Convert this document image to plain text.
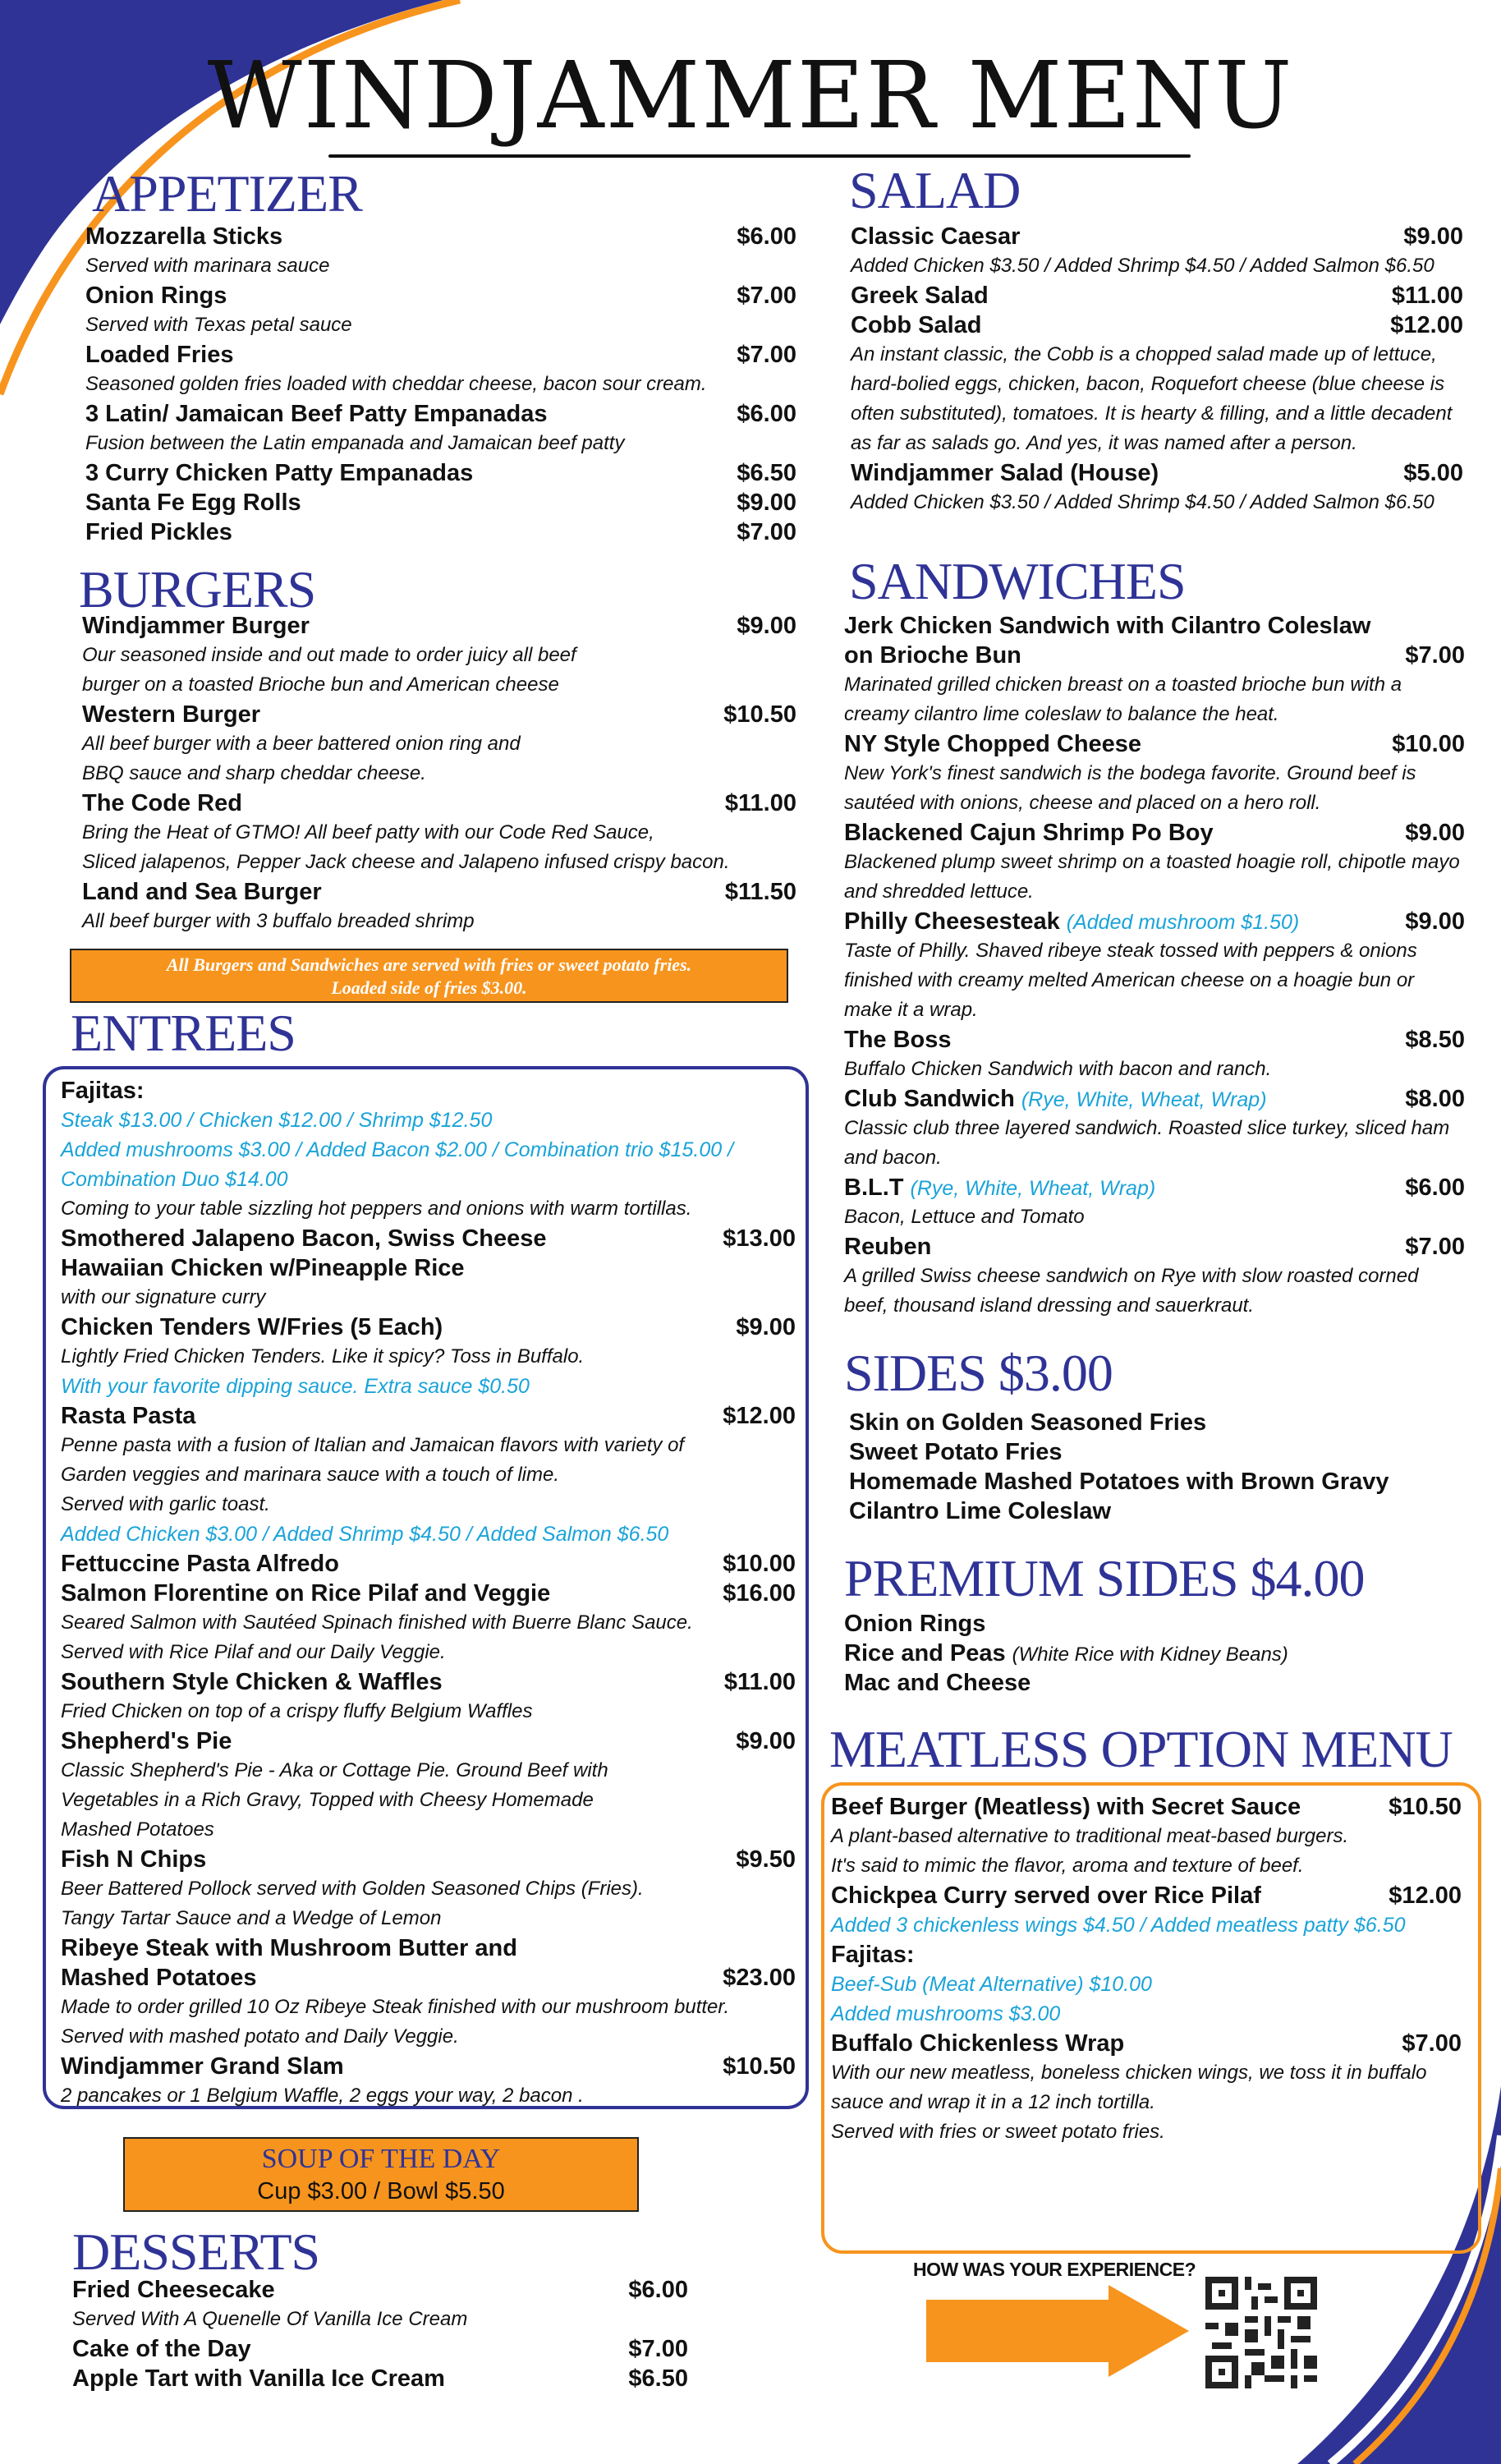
WINDJAMMER MENU
APPETIZER
Mozzarella Sticks	$6.00
Served with marinara sauce
Onion Rings	$7.00
Served with Texas petal sauce
Loaded Fries	$7.00
Seasoned golden fries loaded with cheddar cheese, bacon sour cream.
3 Latin/ Jamaican Beef Patty Empanadas	$6.00
Fusion between the Latin empanada and Jamaican beef patty
3 Curry Chicken Patty Empanadas	$6.50
Santa Fe Egg Rolls	$9.00
Fried Pickles	$7.00
BURGERS
Windjammer Burger	$9.00
Our seasoned inside and out made to order juicy all beef
burger on a toasted Brioche bun and American cheese
Western Burger	$10.50
All beef burger with a beer battered onion ring and
BBQ sauce and sharp cheddar cheese.
The Code Red	$11.00
Bring the Heat of GTMO! All beef patty with our Code Red Sauce,
Sliced jalapenos, Pepper Jack cheese and Jalapeno infused crispy bacon.
Land and Sea Burger	$11.50
All beef burger with 3 buffalo breaded shrimp
All Burgers and Sandwiches are served with fries or sweet potato fries.
Loaded side of fries $3.00.
ENTREES
Fajitas:
Steak $13.00 / Chicken $12.00 / Shrimp $12.50
Added mushrooms $3.00 / Added Bacon $2.00 / Combination trio $15.00 /
Combination Duo $14.00
Coming to your table sizzling hot peppers and onions with warm tortillas.
Smothered Jalapeno Bacon, Swiss Cheese	$13.00
Hawaiian Chicken w/Pineapple Rice
with our signature curry
Chicken Tenders W/Fries (5 Each)	$9.00
Lightly Fried Chicken Tenders. Like it spicy? Toss in Buffalo.
With your favorite dipping sauce. Extra sauce $0.50
Rasta Pasta	$12.00
Penne pasta with a fusion of Italian and Jamaican flavors with variety of
Garden veggies and marinara sauce with a touch of lime.
Served with garlic toast.
Added Chicken $3.00 / Added Shrimp $4.50 / Added Salmon $6.50
Fettuccine Pasta Alfredo	$10.00
Salmon Florentine on Rice Pilaf and Veggie	$16.00
Seared Salmon with Sautéed Spinach finished with Buerre Blanc Sauce.
Served with Rice Pilaf and our Daily Veggie.
Southern Style Chicken & Waffles	$11.00
Fried Chicken on top of a crispy fluffy Belgium Waffles
Shepherd's Pie	$9.00
Classic Shepherd's Pie - Aka or Cottage Pie. Ground Beef with
Vegetables in a Rich Gravy, Topped with Cheesy Homemade
Mashed Potatoes
Fish N Chips	$9.50
Beer Battered Pollock served with Golden Seasoned Chips (Fries).
Tangy Tartar Sauce and a Wedge of Lemon
Ribeye Steak with Mushroom Butter and
Mashed Potatoes	$23.00
Made to order grilled 10 Oz Ribeye Steak finished with our mushroom butter.
Served with mashed potato and Daily Veggie.
Windjammer Grand Slam	$10.50
2 pancakes or 1 Belgium Waffle, 2 eggs your way, 2 bacon .
SOUP OF THE DAY
Cup $3.00 / Bowl $5.50
DESSERTS
Fried Cheesecake	$6.00
Served With A Quenelle Of Vanilla Ice Cream
Cake of the Day	$7.00
Apple Tart with Vanilla Ice Cream	$6.50
SALAD
Classic Caesar	$9.00
Added Chicken $3.50 / Added Shrimp $4.50 / Added Salmon $6.50
Greek Salad	$11.00
Cobb Salad	$12.00
An instant classic, the Cobb is a chopped salad made up of lettuce,
hard-bolied eggs, chicken, bacon, Roquefort cheese (blue cheese is
often substituted), tomatoes. It is hearty & filling, and a little decadent
as far as salads go. And yes, it was named after a person.
Windjammer Salad (House)	$5.00
Added Chicken $3.50 / Added Shrimp $4.50 / Added Salmon $6.50
SANDWICHES
Jerk Chicken Sandwich with Cilantro Coleslaw
on Brioche Bun	$7.00
Marinated grilled chicken breast on a toasted brioche bun with a
creamy cilantro lime coleslaw to balance the heat.
NY Style Chopped Cheese	$10.00
New York's finest sandwich is the bodega favorite. Ground beef is
sautéed with onions, cheese and placed on a hero roll.
Blackened Cajun Shrimp Po Boy	$9.00
Blackened plump sweet shrimp on a toasted hoagie roll, chipotle mayo
and shredded lettuce.
Philly Cheesesteak (Added mushroom $1.50)	$9.00
Taste of Philly. Shaved ribeye steak tossed with peppers & onions
finished with creamy melted American cheese on a hoagie bun or
make it a wrap.
The Boss	$8.50
Buffalo Chicken Sandwich with bacon and ranch.
Club Sandwich (Rye, White, Wheat, Wrap)	$8.00
Classic club three layered sandwich. Roasted slice turkey, sliced ham
and bacon.
B.L.T (Rye, White, Wheat, Wrap)	$6.00
Bacon, Lettuce and Tomato
Reuben	$7.00
A grilled Swiss cheese sandwich on Rye with slow roasted corned
beef, thousand island dressing and sauerkraut.
SIDES $3.00
Skin on Golden Seasoned Fries
Sweet Potato Fries
Homemade Mashed Potatoes with Brown Gravy
Cilantro Lime Coleslaw
PREMIUM SIDES $4.00
Onion Rings
Rice and Peas (White Rice with Kidney Beans)
Mac and Cheese
MEATLESS OPTION MENU
Beef Burger (Meatless) with Secret Sauce	$10.50
A plant-based alternative to traditional meat-based burgers.
It's said to mimic the flavor, aroma and texture of beef.
Chickpea Curry served over Rice Pilaf	$12.00
Added 3 chickenless wings $4.50 / Added meatless patty $6.50
Fajitas:
Beef-Sub (Meat Alternative) $10.00
Added mushrooms $3.00
Buffalo Chickenless Wrap	$7.00
With our new meatless, boneless chicken wings, we toss it in buffalo
sauce and wrap it in a 12 inch tortilla.
Served with fries or sweet potato fries.
HOW WAS YOUR EXPERIENCE?
